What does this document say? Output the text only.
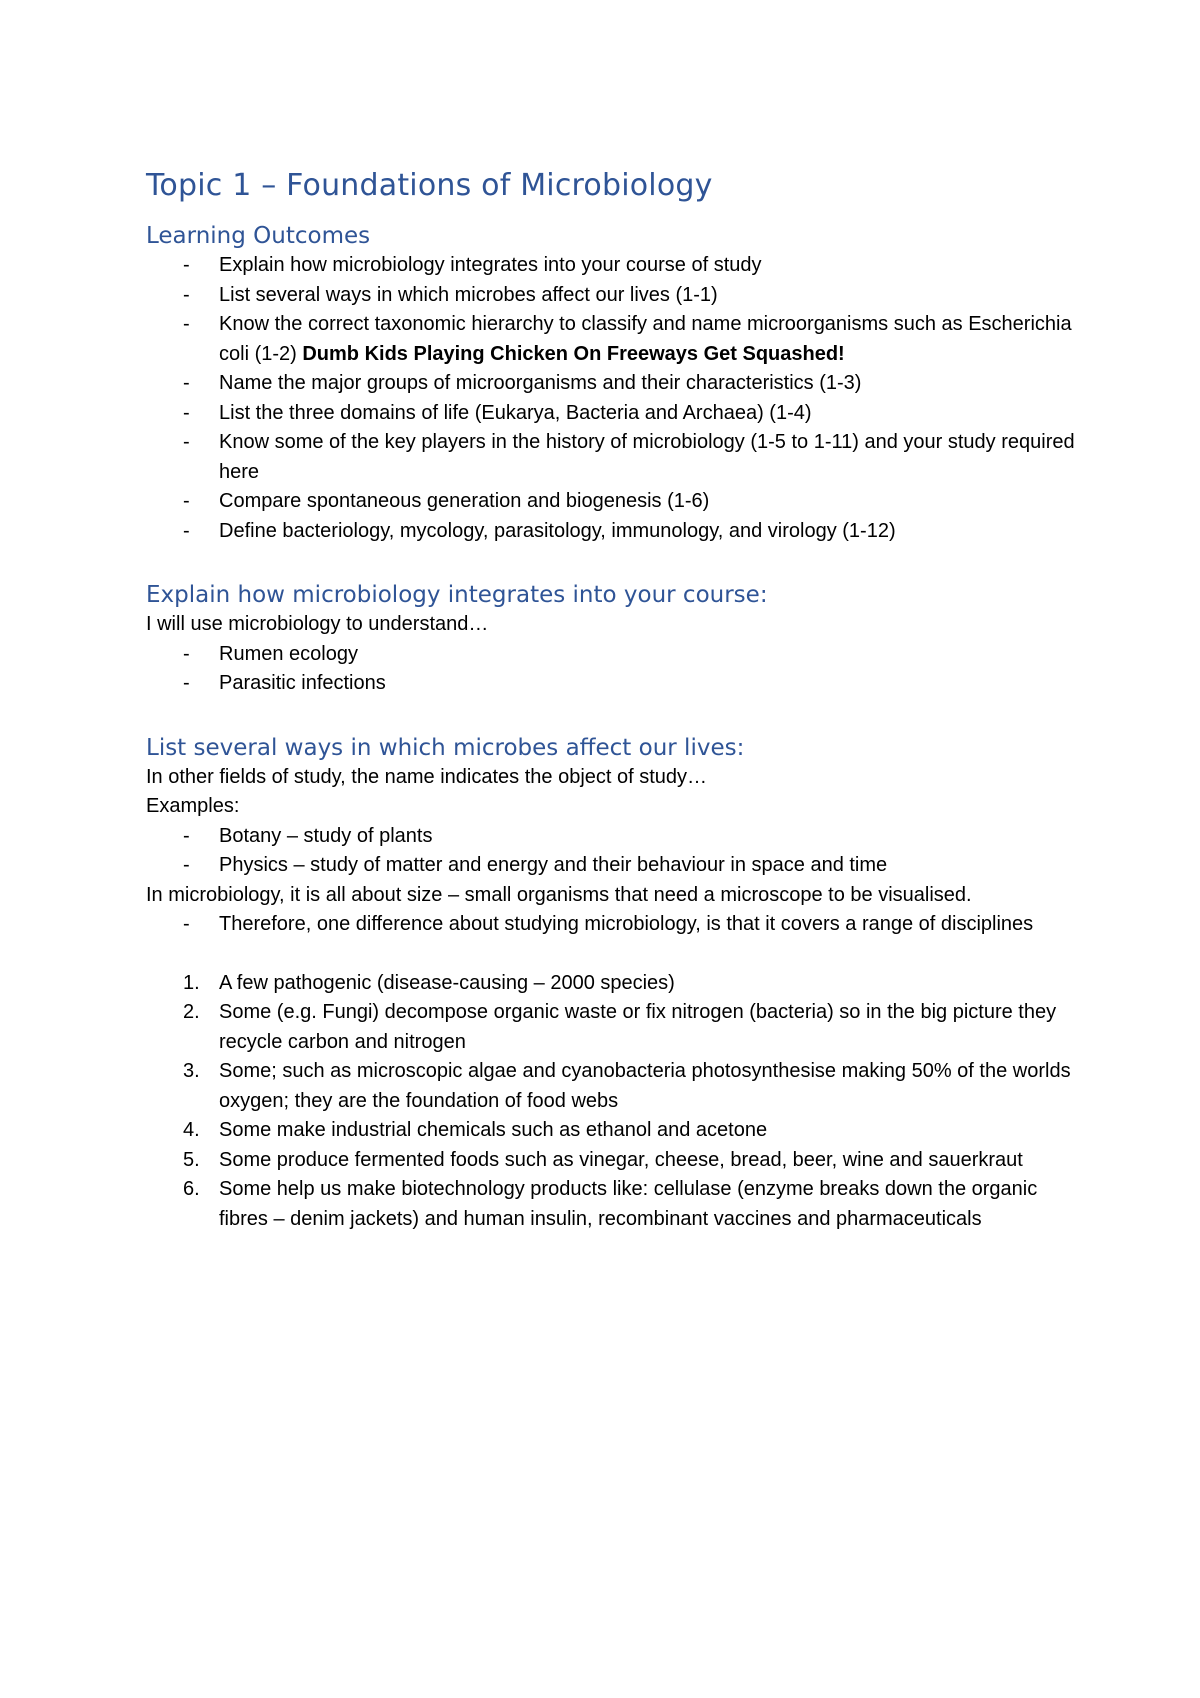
Topic 1 – Foundations of Microbiology
Learning Outcomes
- Explain how microbiology integrates into your course of study
- List several ways in which microbes affect our lives (1-1)
- Know the correct taxonomic hierarchy to classify and name microorganisms such as Escherichia coli (1-2) Dumb Kids Playing Chicken On Freeways Get Squashed!
- Name the major groups of microorganisms and their characteristics (1-3)
- List the three domains of life (Eukarya, Bacteria and Archaea) (1-4)
- Know some of the key players in the history of microbiology (1-5 to 1-11) and your study required here
- Compare spontaneous generation and biogenesis (1-6)
- Define bacteriology, mycology, parasitology, immunology, and virology (1-12)
Explain how microbiology integrates into your course:

I will use microbiology to understand…

- Rumen ecology
- Parasitic infections
List several ways in which microbes affect our lives:

In other fields of study, the name indicates the object of study…

Examples:

- Botany – study of plants
- Physics – study of matter and energy and their behaviour in space and time

In microbiology, it is all about size – small organisms that need a microscope to be visualised.

- Therefore, one difference about studying microbiology, is that it covers a range of disciplines
1. A few pathogenic (disease-causing – 2000 species)
2. Some (e.g. Fungi) decompose organic waste or fix nitrogen (bacteria) so in the big picture they recycle carbon and nitrogen
3. Some; such as microscopic algae and cyanobacteria photosynthesise making 50% of the worlds oxygen; they are the foundation of food webs
4. Some make industrial chemicals such as ethanol and acetone
5. Some produce fermented foods such as vinegar, cheese, bread, beer, wine and sauerkraut
6. Some help us make biotechnology products like: cellulase (enzyme breaks down the organic fibres – denim jackets) and human insulin, recombinant vaccines and pharmaceuticals
